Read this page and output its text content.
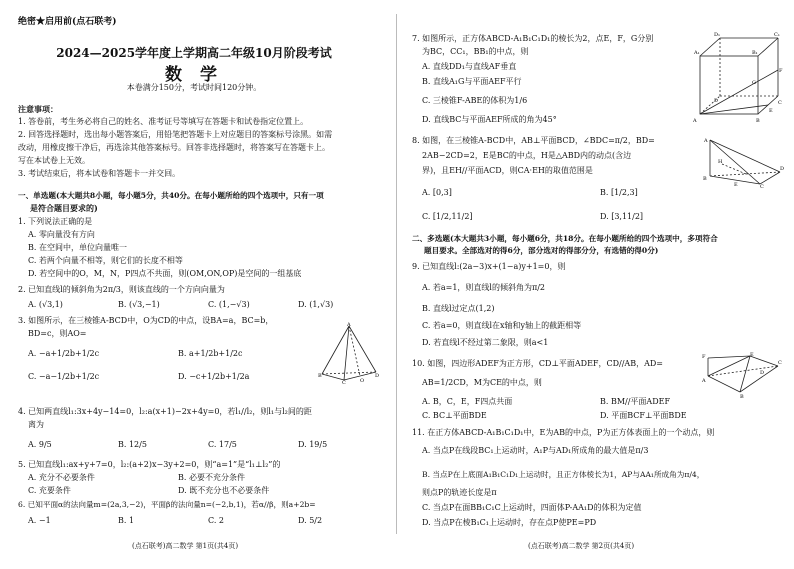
绝密★启用前(点石联考)
2024—2025学年度上学期高二年级10月阶段考试
数 学
本卷满分150分，考试时间120分钟。
注意事项：
1. 答卷前，考生务必将自己的姓名、准考证号等填写在答题卡和试卷指定位置上。
2. 回答选择题时，选出每小题答案后，用铅笔把答题卡上对应题目的答案标号涂黑。如需
改动，用橡皮擦干净后，再选涂其他答案标号。回答非选择题时，将答案写在答题卡上。
写在本试卷上无效。
3. 考试结束后，将本试卷和答题卡一并交回。
一、单选题(本大题共8小题，每小题5分，共40分。在每小题所给的四个选项中，只有一项
是符合题目要求的)
1. 下列说法正确的是
A. 零向量没有方向
B. 在空间中，单位向量唯一
C. 若两个向量不相等，则它们的长度不相等
D. 若空间中的O，M，N，P四点不共面，则(OM,ON,OP)是空间的一组基底
2. 已知直线l的倾斜角为2π/3，则该直线的一个方向向量为
A. (√3,1)	B. (√3,−1)	C. (1,−√3)	D. (1,√3)
3. 如图所示，在三棱锥A-BCD中，O为CD的中点，设BA=a，BC=b，
BD=c，则AO=
A. −a+1/2b+1/2c	B. a+1/2b+1/2c
C. −a−1/2b+1/2c	D. −c+1/2b+1/2a
A
B
C
D
O
4. 已知两直线l₁:3x+4y−14=0，l₂:a(x+1)−2x+4y=0，若l₁//l₂，则l₁与l₂间的距
离为
A. 9/5	B. 12/5	C. 17/5	D. 19/5
5. 已知直线l₁:ax+y+7=0，l₂:(a+2)x−3y+2=0，则“a=1”是“l₁⊥l₂”的
A. 充分不必要条件	B. 必要不充分条件
C. 充要条件	D. 既不充分也不必要条件
6. 已知平面α的法向量m=(2a,3,−2)，平面β的法向量n=(−2,b,1)，若α//β，则a+2b=
A. −1	B. 1	C. 2	D. 5/2
(点石联考)高二数学 第1页(共4页)
7. 如图所示，正方体ABCD-A₁B₁C₁D₁的棱长为2，点E，F，G分别
为BC，CC₁，BB₁的中点，则
A. 直线DD₁与直线AF垂直
B. 直线A₁G与平面AEF平行
C. 三棱锥F-ABE的体积为1/6
D. 直线BC与平面AEF所成的角为45°	A	B
C
D
A₁	B₁
C₁
D₁
E
F
G
8. 如图，在三棱锥A-BCD中，AB⊥平面BCD，∠BDC=π/2，BD=
2AB−2CD=2，E是BC的中点，H是△ABD内的动点(含边
界)，且EH//平面ACD，则CA·EH的取值范围是
A. [0,3]	B. [1/2,3]
C. [1/2,11/2]	D. [3,11/2]
A
B
C
D
H
E
二、多选题(本大题共3小题，每小题6分，共18分。在每小题所给的四个选项中，多项符合
题目要求。全部选对的得6分，部分选对的得部分分，有选错的得0分)
9. 已知直线l:(2a−3)x+(1−a)y+1=0，则
A. 若a=1，则直线l的倾斜角为π/2
B. 直线l过定点(1,2)
C. 若a=0，则直线l在x轴和y轴上的截距相等
D. 若直线l不经过第二象限，则a<1
10. 如图，四边形ADEF为正方形，CD⊥平面ADEF，CD//AB，AD=
AB=1/2CD，M为CE的中点，则
A. B，C，E，F四点共面	B. BM//平面ADEF
C. BC⊥平面BDE	D. 平面BCF⊥平面BDE
F	E
A
B
C
D
11. 在正方体ABCD-A₁B₁C₁D₁中，E为AB的中点，P为正方体表面上的一个动点，则
A. 当点P在线段BC₁上运动时，A₁P与AD₁所成角的最大值是π/3
B. 当点P在上底面A₁B₁C₁D₁上运动时，且正方体棱长为1，AP与AA₁所成角为π/4，
则点P的轨迹长度是π
C. 当点P在面BB₁C₁C上运动时，四面体P-AA₁D的体积为定值
D. 当点P在棱B₁C₁上运动时，存在点P使PE=PD
(点石联考)高二数学 第2页(共4页)
